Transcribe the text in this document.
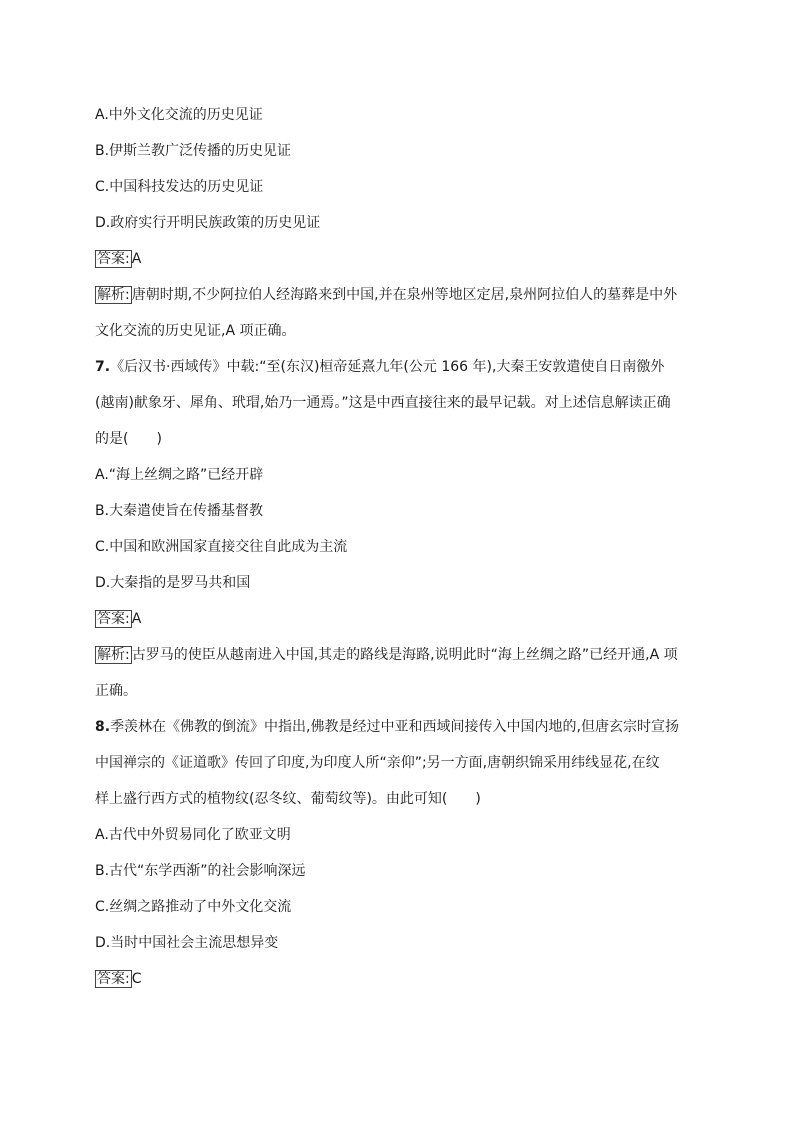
A.中外文化交流的历史见证
B.伊斯兰教广泛传播的历史见证
C.中国科技发达的历史见证
D.政府实行开明民族政策的历史见证
答案: A
解析: 唐朝时期,不少阿拉伯人经海路来到中国,并在泉州等地区定居,泉州阿拉伯人的墓葬是中外
文化交流的历史见证,A 项正确。
7.《后汉书·西域传》中载:“至(东汉)桓帝延熹九年(公元 166 年),大秦王安敦遣使自日南徼外
(越南)献象牙、犀角、玳瑁,始乃一通焉。”这是中西直接往来的最早记载。对上述信息解读正确
的是(　　)
A.“海上丝绸之路”已经开辟
B.大秦遣使旨在传播基督教
C.中国和欧洲国家直接交往自此成为主流
D.大秦指的是罗马共和国
答案: A
解析: 古罗马的使臣从越南进入中国,其走的路线是海路,说明此时“海上丝绸之路”已经开通,A 项
正确。
8.季羡林在《佛教的倒流》中指出,佛教是经过中亚和西域间接传入中国内地的,但唐玄宗时宣扬
中国禅宗的《证道歌》传回了印度,为印度人所“亲仰”;另一方面,唐朝织锦采用纬线显花,在纹
样上盛行西方式的植物纹(忍冬纹、葡萄纹等)。由此可知(　　)
A.古代中外贸易同化了欧亚文明
B.古代“东学西渐”的社会影响深远
C.丝绸之路推动了中外文化交流
D.当时中国社会主流思想异变
答案: C
